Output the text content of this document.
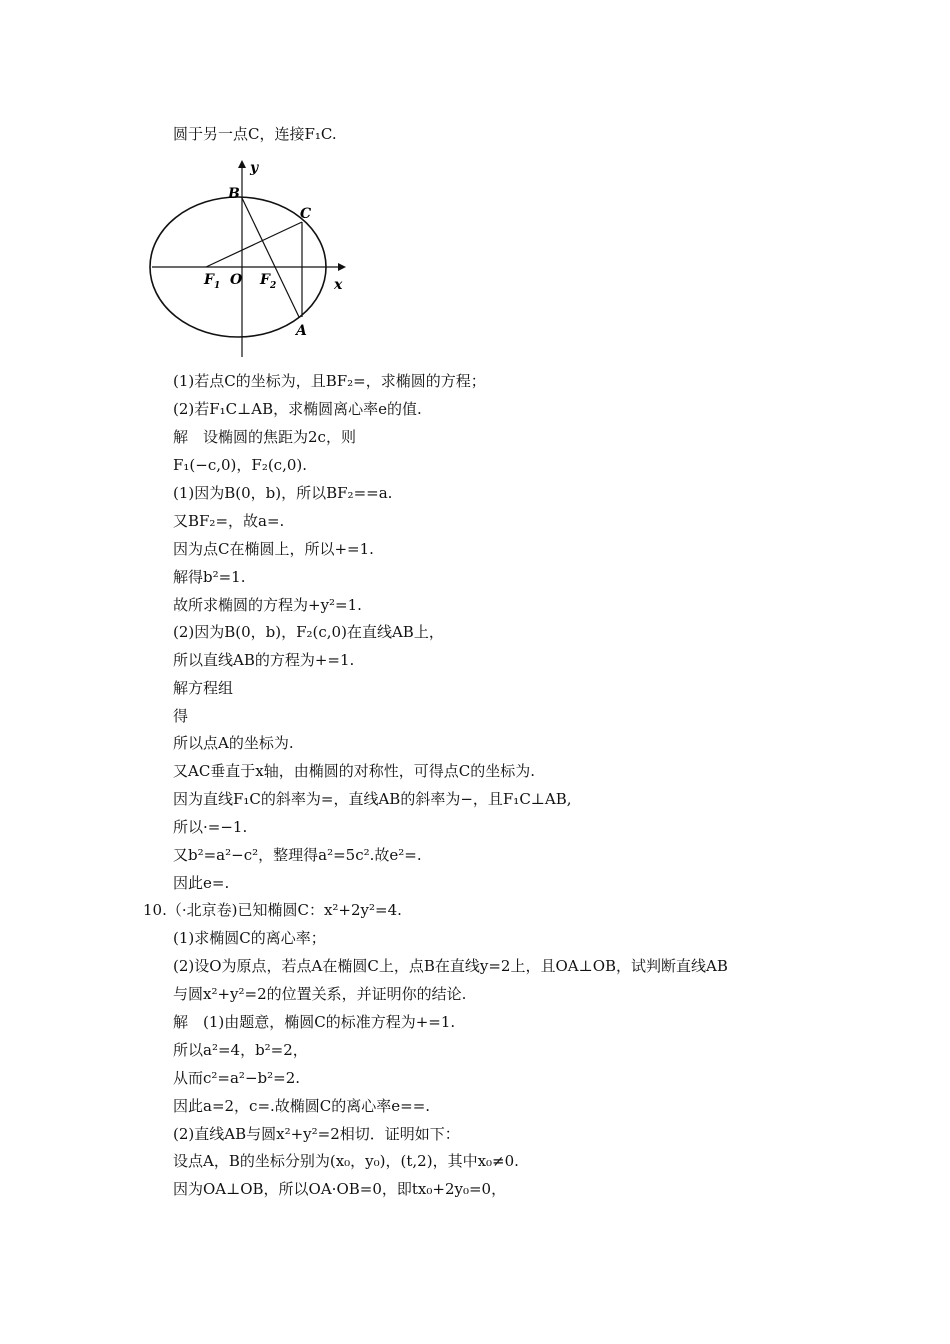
圆于另一点C，连接F₁C.
y
x
B
C
A
O
$F_1$	$F_2$
(1)若点C的坐标为，且BF₂=，求椭圆的方程；
(2)若F₁C⊥AB，求椭圆离心率e的值.
解　设椭圆的焦距为2c，则
F₁(−c,0)，F₂(c,0).
(1)因为B(0，b)，所以BF₂==a.
又BF₂=，故a=.
因为点C在椭圆上，所以+=1.
解得b²=1.
故所求椭圆的方程为+y²=1.
(2)因为B(0，b)，F₂(c,0)在直线AB上，
所以直线AB的方程为+=1.
解方程组
得
所以点A的坐标为.
又AC垂直于x轴，由椭圆的对称性，可得点C的坐标为.
因为直线F₁C的斜率为=，直线AB的斜率为−，且F₁C⊥AB,
所以·=−1.
又b²=a²−c²，整理得a²=5c².故e²=.
因此e=.
10.（·北京卷)已知椭圆C：x²+2y²=4.
(1)求椭圆C的离心率；
(2)设O为原点，若点A在椭圆C上，点B在直线y=2上，且OA⊥OB，试判断直线AB
与圆x²+y²=2的位置关系，并证明你的结论.
解　(1)由题意，椭圆C的标准方程为+=1.
所以a²=4，b²=2，
从而c²=a²−b²=2.
因此a=2，c=.故椭圆C的离心率e==.
(2)直线AB与圆x²+y²=2相切．证明如下：
设点A，B的坐标分别为(x₀，y₀)，(t,2)，其中x₀≠0.
因为OA⊥OB，所以OA·OB=0，即tx₀+2y₀=0，
